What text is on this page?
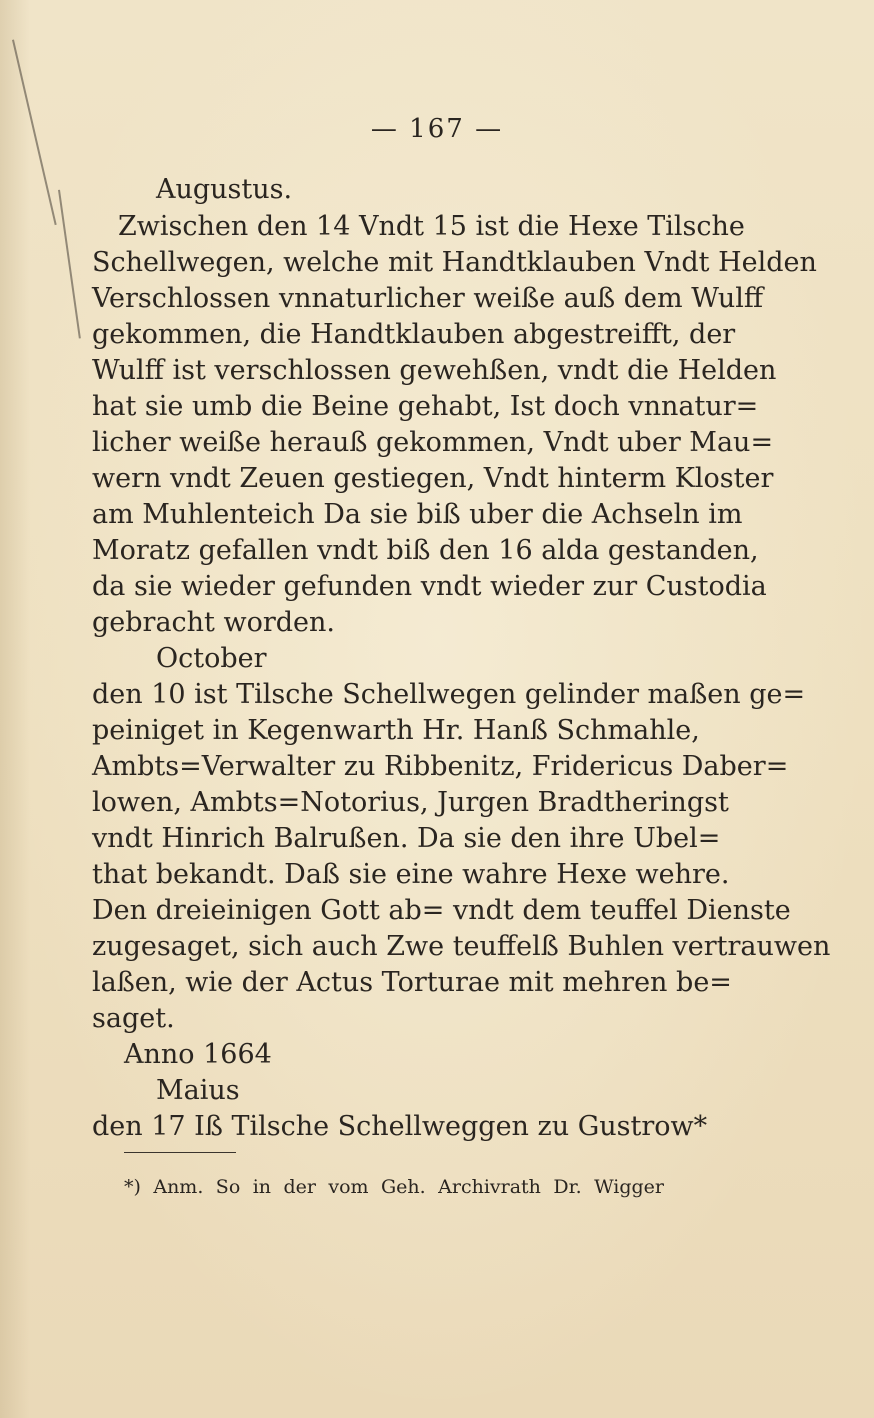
— 167 —
Augustus.
Zwischen den 14 Vndt 15 ist die Hexe Tilsche
Schellwegen, welche mit Handtklauben Vndt Helden
Verschlossen vnnaturlicher weiße auß dem Wulff
gekommen, die Handtklauben abgestreifft, der
Wulff ist verschlossen gewehßen, vndt die Helden
hat sie umb die Beine gehabt, Ist doch vnnatur=
licher weiße herauß gekommen, Vndt uber Mau=
wern vndt Zeuen gestiegen, Vndt hinterm Kloster
am Muhlenteich Da sie biß uber die Achseln im
Moratz gefallen vndt biß den 16 alda gestanden,
da sie wieder gefunden vndt wieder zur Custodia
gebracht worden.
October
den 10 ist Tilsche Schellwegen gelinder maßen ge=
peiniget in Kegenwarth Hr. Hanß Schmahle,
Ambts=Verwalter zu Ribbenitz, Fridericus Daber=
lowen, Ambts=Notorius, Jurgen Bradtheringst
vndt Hinrich Balrußen. Da sie den ihre Ubel=
that bekandt. Daß sie eine wahre Hexe wehre.
Den dreieinigen Gott ab= vndt dem teuffel Dienste
zugesaget, sich auch Zwe teuffelß Buhlen vertrauwen
laßen, wie der Actus Torturae mit mehren be=
saget.
Anno 1664
Maius
den 17 Iß Tilsche Schellweggen zu Gustrow*
*) Anm. So in der vom Geh. Archivrath Dr. Wigger
